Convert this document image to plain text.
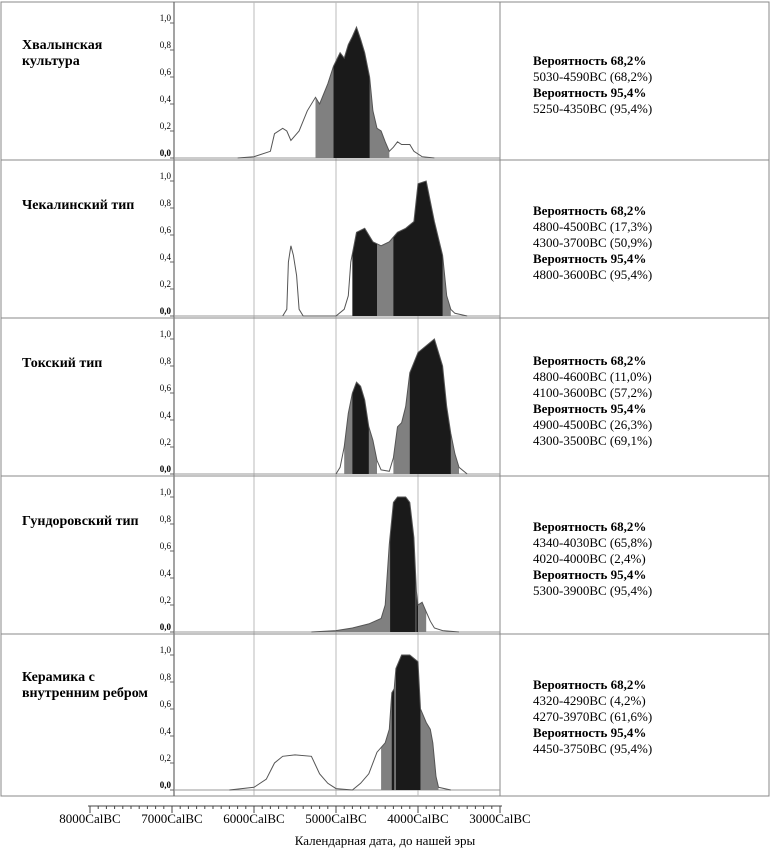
0,0
0,2
0,4
0,6
0,8
1,0
0,0
0,2
0,4
0,6
0,8
1,0
0,0
0,2
0,4
0,6
0,8
1,0
0,0
0,2
0,4
0,6
0,8
1,0
0,0
0,2
0,4
0,6
0,8
1,0
8000CalBC 7000CalBC 6000CalBC 5000CalBC 4000CalBC 3000CalBC
Хвалынская
культура	Вероятность 68,2%
5030-4590BC (68,2%)
Вероятность 95,4%
5250-4350BC (95,4%)
Чекалинский тип	Вероятность 68,2%
4800-4500BC (17,3%)
4300-3700BC (50,9%)
Вероятность 95,4%
4800-3600BC (95,4%)
Токский тип	Вероятность 68,2%
4800-4600BC (11,0%)
4100-3600BC (57,2%)
Вероятность 95,4%
4900-4500BC (26,3%)
4300-3500BC (69,1%)
Гундоровский тип	Вероятность 68,2%
4340-4030BC (65,8%)
4020-4000BC (2,4%)
Вероятность 95,4%
5300-3900BC (95,4%)
Керамика с
внутренним ребром
Вероятность 68,2%
4320-4290BC (4,2%)
4270-3970BC (61,6%)
Вероятность 95,4%
4450-3750BC (95,4%)
Календарная дата, до нашей эры
